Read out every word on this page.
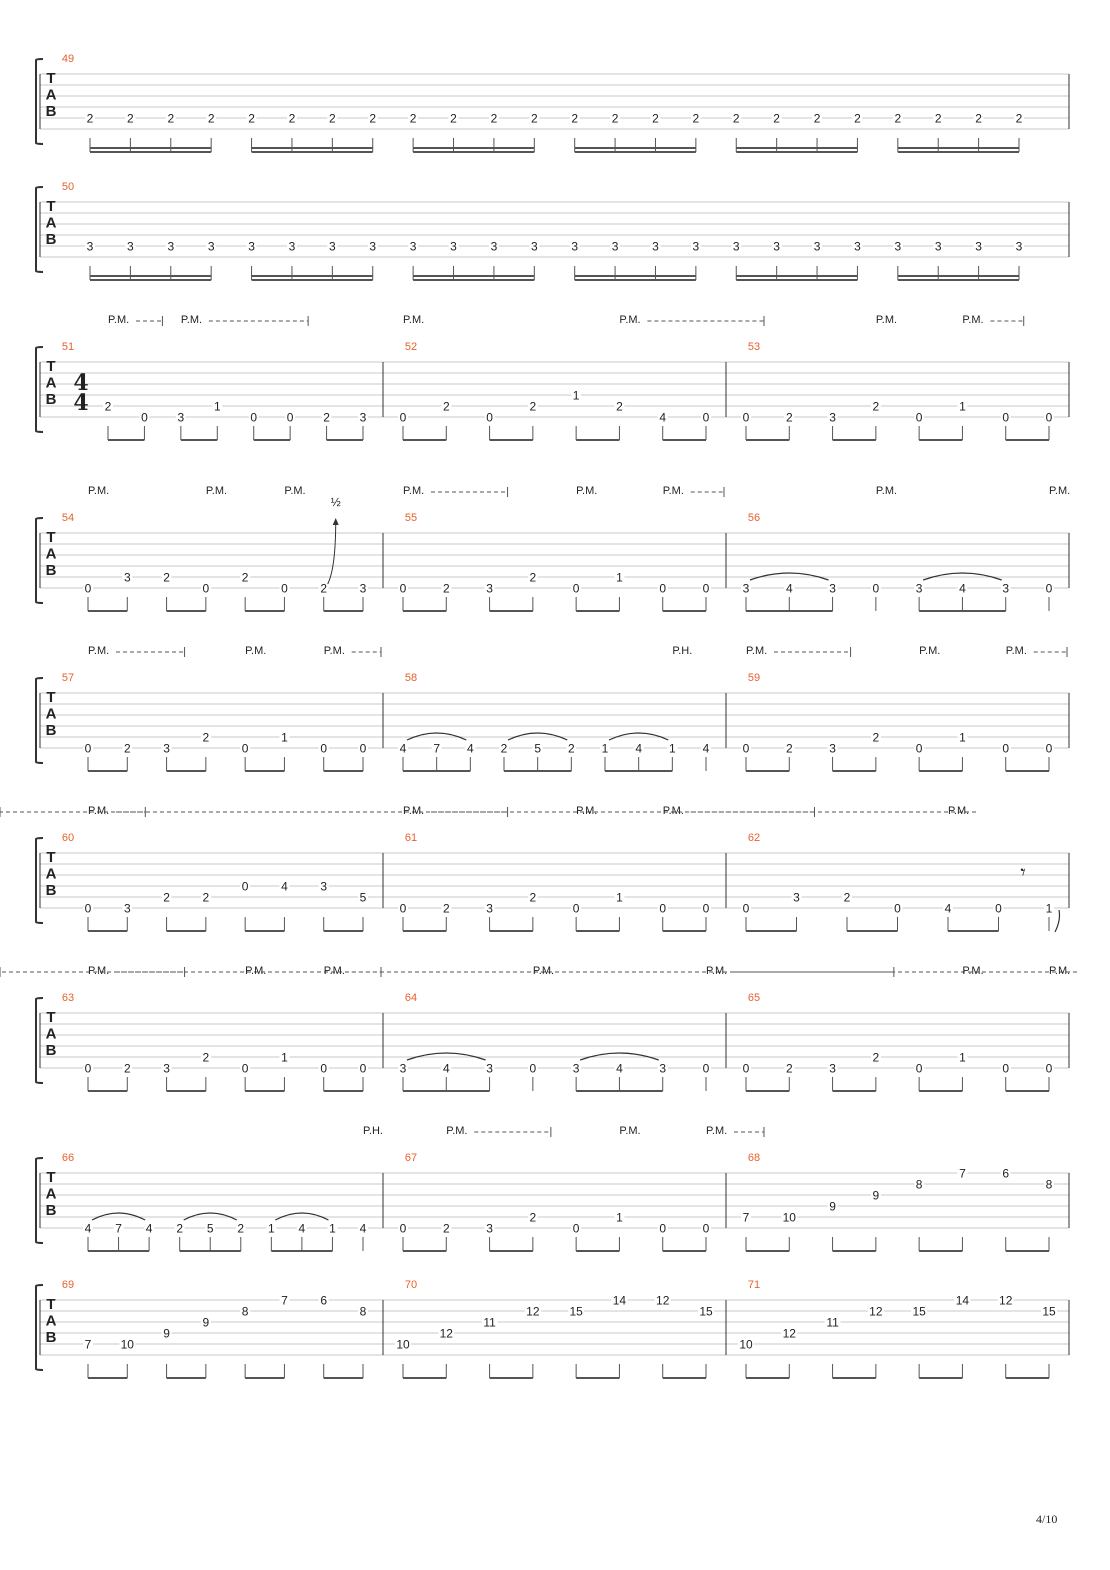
T
A
B
49
2	2	2	2	2	2	2	2	2	2	2	2	2	2	2	2	2	2	2	2	2	2	2	2
T
A
B
50
3	3	3	3	3	3	3	3	3	3	3	3	3	3	3	3	3	3	3	3	3	3	3	3
T
A
B
51
4
4 2
0 3
1
0 0 2 3
52
0
2
0
2
1
2
4	0
53
0	2	3
2
0
1
0	0
P.M.	P.M.	P.M.	P.M.	P.M.	P.M.
T
A
B
54
0
3	2
0
2
0	2	3
55
0	2	3
2
0
1
0	0
56
3	4	3	0	3	4	3	0
P.M.	P.M.	P.M.	P.M.	P.M.	P.M.	P.M.	P.M.
½
T
A
B
57
0	2	3
2
0
1
0	0
58
4 7 4 2 5 2 1 4 1 4
59
0	2	3
2
0
1
0	0
P.M.	P.M.	P.M.	P.M.	P.M.	P.M.
P.H.
T
A
B
60
0	3
2	2
0	4	3
5
61
0	2	3
2
0
1
0	0
62
0
3	2
0	4	0	1
𝄾
P.M.	P.M.	P.M.	P.M.	P.M.
T
A
B
63
0	2	3
2
0
1
0	0
64
3	4	3	0	3	4	3	0
65
0	2	3
2
0
1
0	0
P.M.	P.M.	P.M.	P.M.	P.M.	P.M.	P.M.
T
A
B
66
4 7 4 2 5 2 1 4 1 4
67
0	2	3
2
0
1
0	0
68
7	10
9
9
8
7	6
8
P.M.	P.M.	P.M.
P.H.
T
A
B
69
7 10
9
9
8
7	6
8
70
10
12
11
12 15
14 12
15
71
10
12
11
12 15
14 12
15
4/10
